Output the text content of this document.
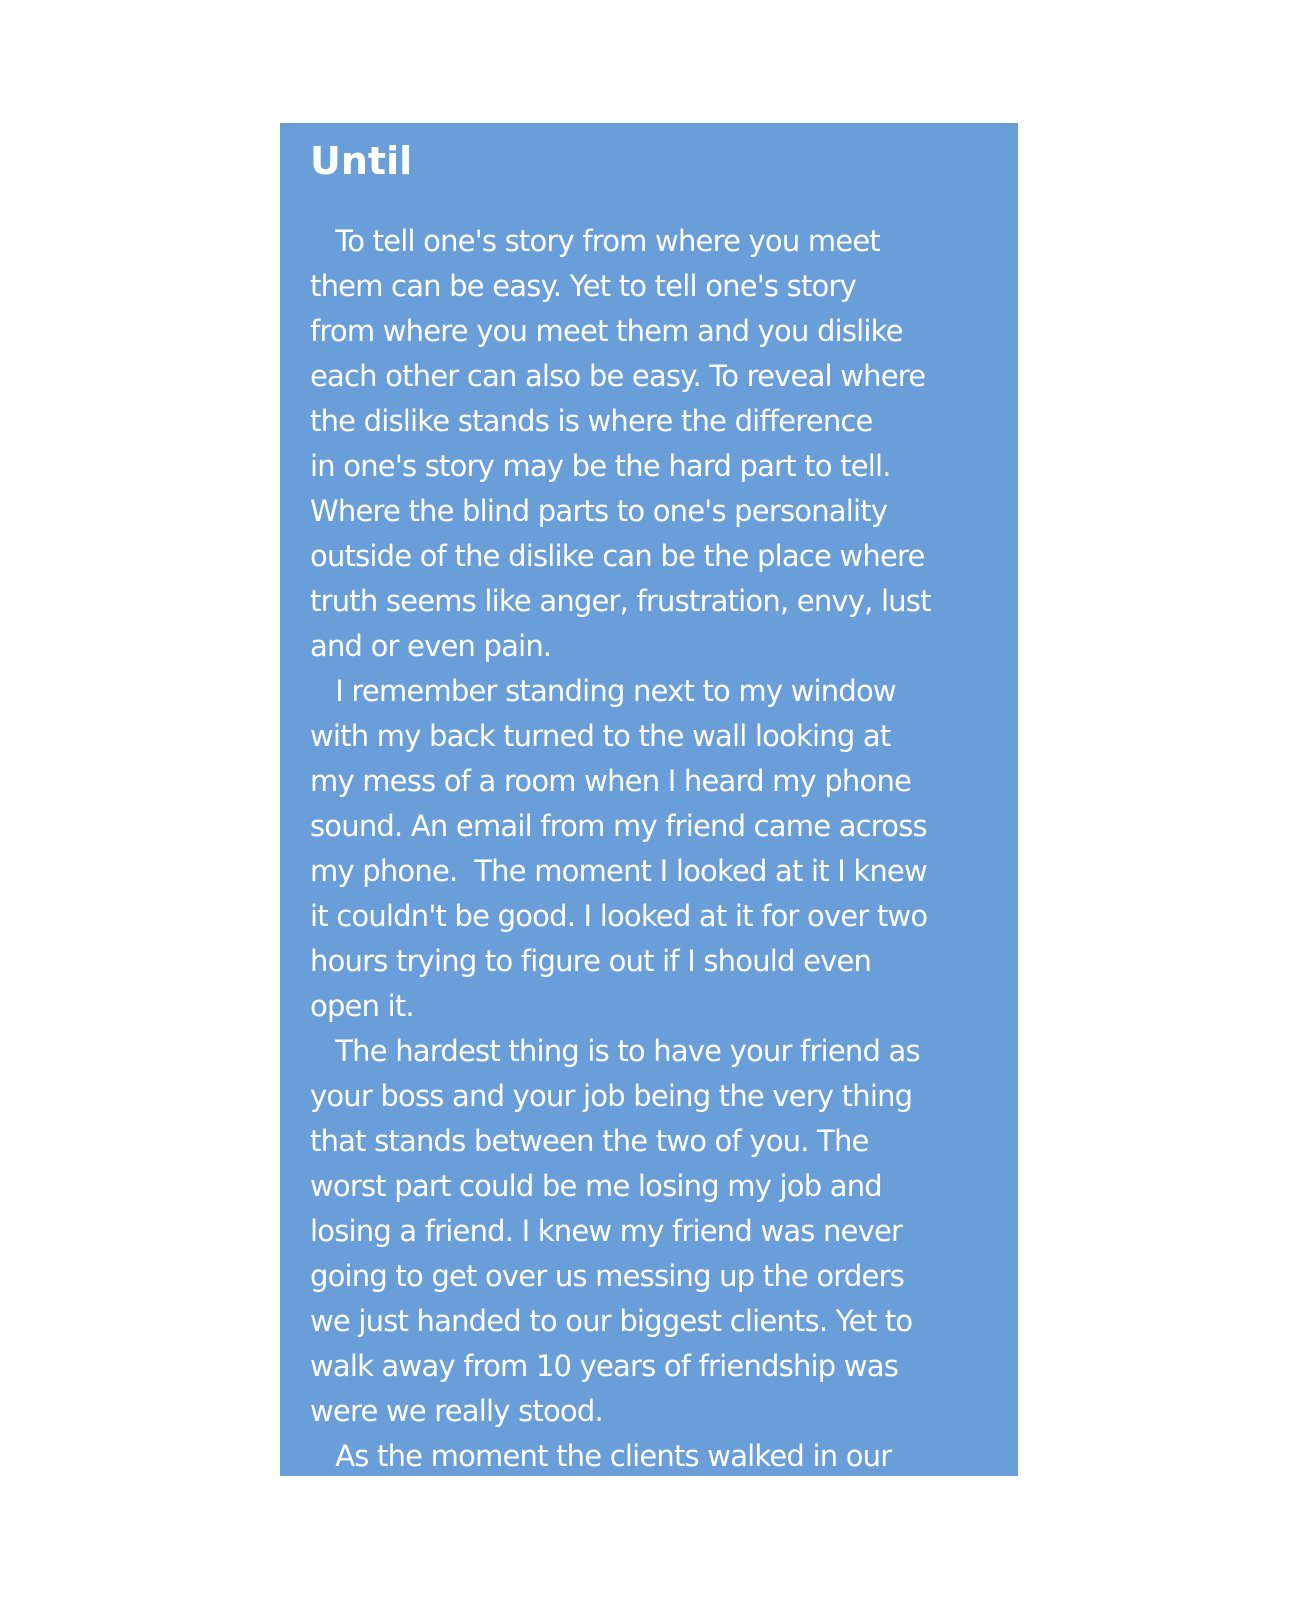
Until
To tell one's story from where you meet
them can be easy. Yet to tell one's story
from where you meet them and you dislike
each other can also be easy. To reveal where
the dislike stands is where the difference
in one's story may be the hard part to tell.
Where the blind parts to one's personality
outside of the dislike can be the place where
truth seems like anger, frustration, envy, lust
and or even pain.
I remember standing next to my window
with my back turned to the wall looking at
my mess of a room when I heard my phone
sound. An email from my friend came across
my phone.  The moment I looked at it I knew
it couldn't be good. I looked at it for over two
hours trying to figure out if I should even
open it.
The hardest thing is to have your friend as
your boss and your job being the very thing
that stands between the two of you. The
worst part could be me losing my job and
losing a friend. I knew my friend was never
going to get over us messing up the orders
we just handed to our biggest clients. Yet to
walk away from 10 years of friendship was
were we really stood.
As the moment the clients walked in our
